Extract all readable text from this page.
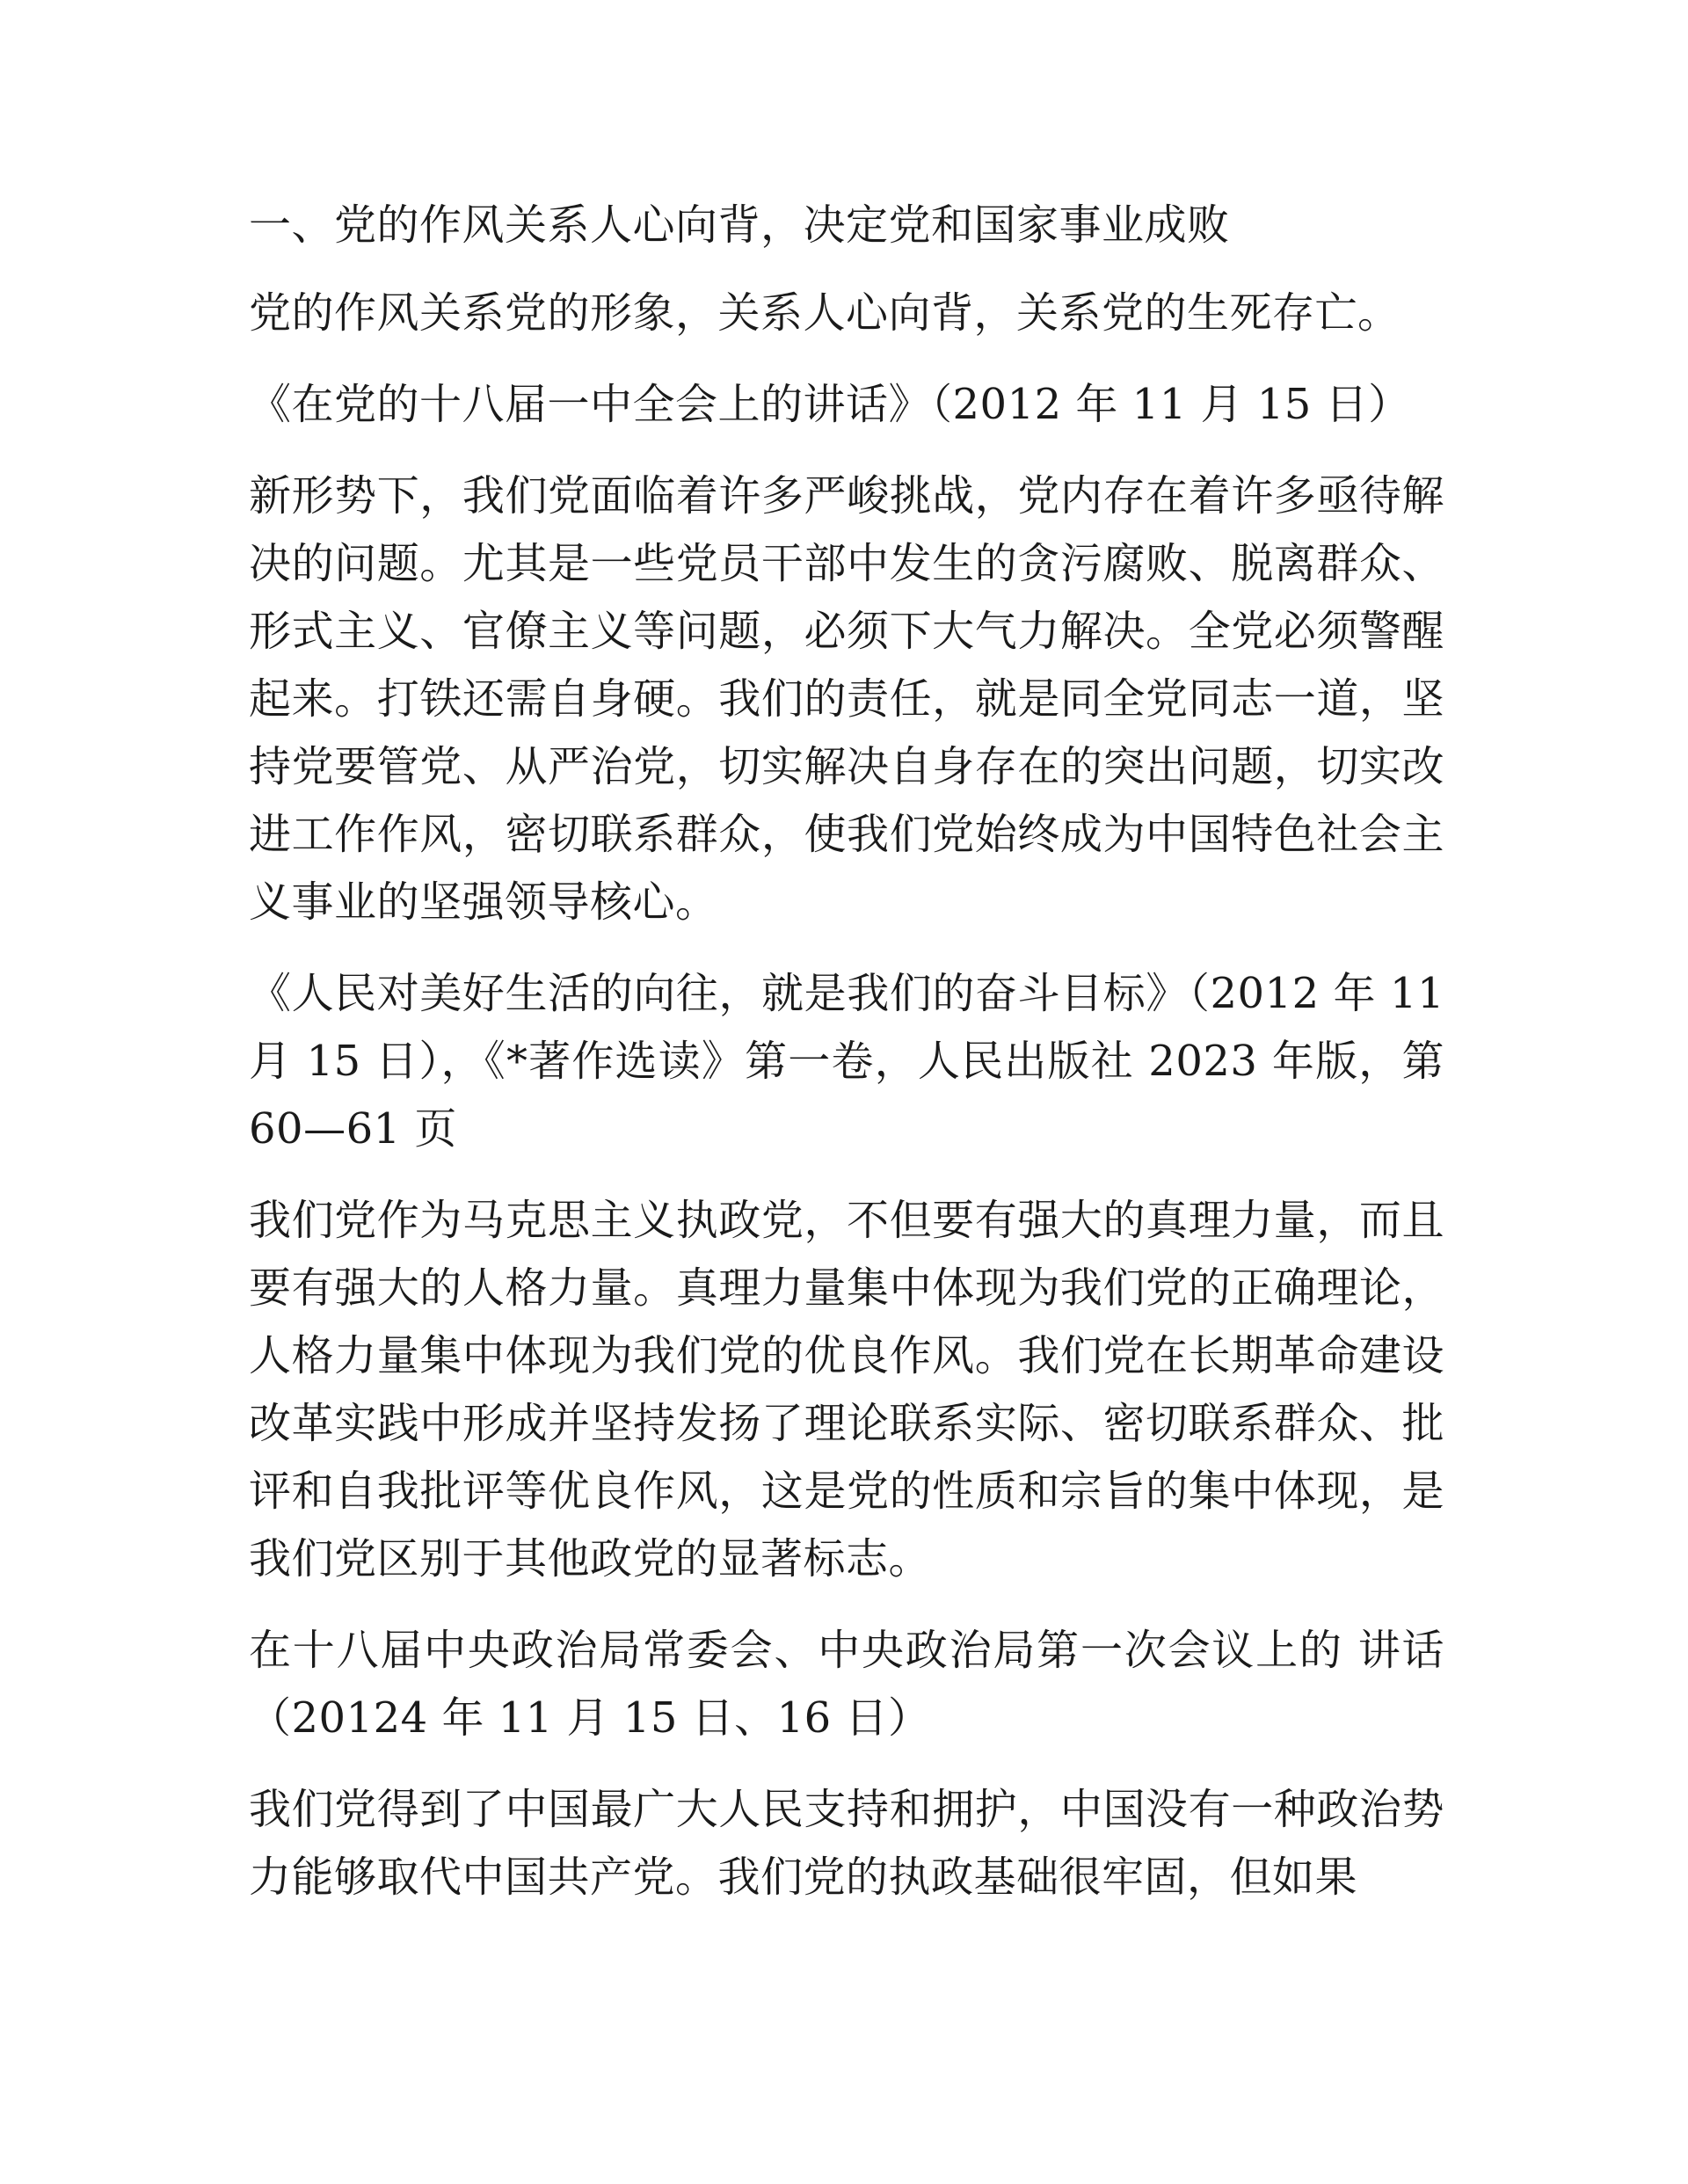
一、党的作风关系人心向背，决定党和国家事业成败

党的作风关系党的形象，关系人心向背，关系党的生死存亡。

《在党的十八届一中全会上的讲话》（2012 年 11 月 15 日）

新形势下，我们党面临着许多严峻挑战，党内存在着许多亟待解决的问题。尤其是一些党员干部中发生的贪污腐败、脱离群众、形式主义、官僚主义等问题，必须下大气力解决。全党必须警醒起来。打铁还需自身硬。我们的责任，就是同全党同志一道，坚持党要管党、从严治党，切实解决自身存在的突出问题，切实改进工作作风，密切联系群众，使我们党始终成为中国特色社会主义事业的坚强领导核心。

《人民对美好生活的向往，就是我们的奋斗目标》（2012 年 11 月 15 日），《*著作选读》第一卷，人民出版社 2023 年版，第 60—61 页

我们党作为马克思主义执政党，不但要有强大的真理力量，而且要有强大的人格力量。真理力量集中体现为我们党的正确理论，人格力量集中体现为我们党的优良作风。我们党在长期革命建设改革实践中形成并坚持发扬了理论联系实际、密切联系群众、批评和自我批评等优良作风，这是党的性质和宗旨的集中体现，是我们党区别于其他政党的显著标志。

在十八届中央政治局常委会、中央政治局第一次会议上的 讲话（20124 年 11 月 15 日、16 日）

我们党得到了中国最广大人民支持和拥护，中国没有一种政治势力能够取代中国共产党。我们党的执政基础很牢固，但如果
